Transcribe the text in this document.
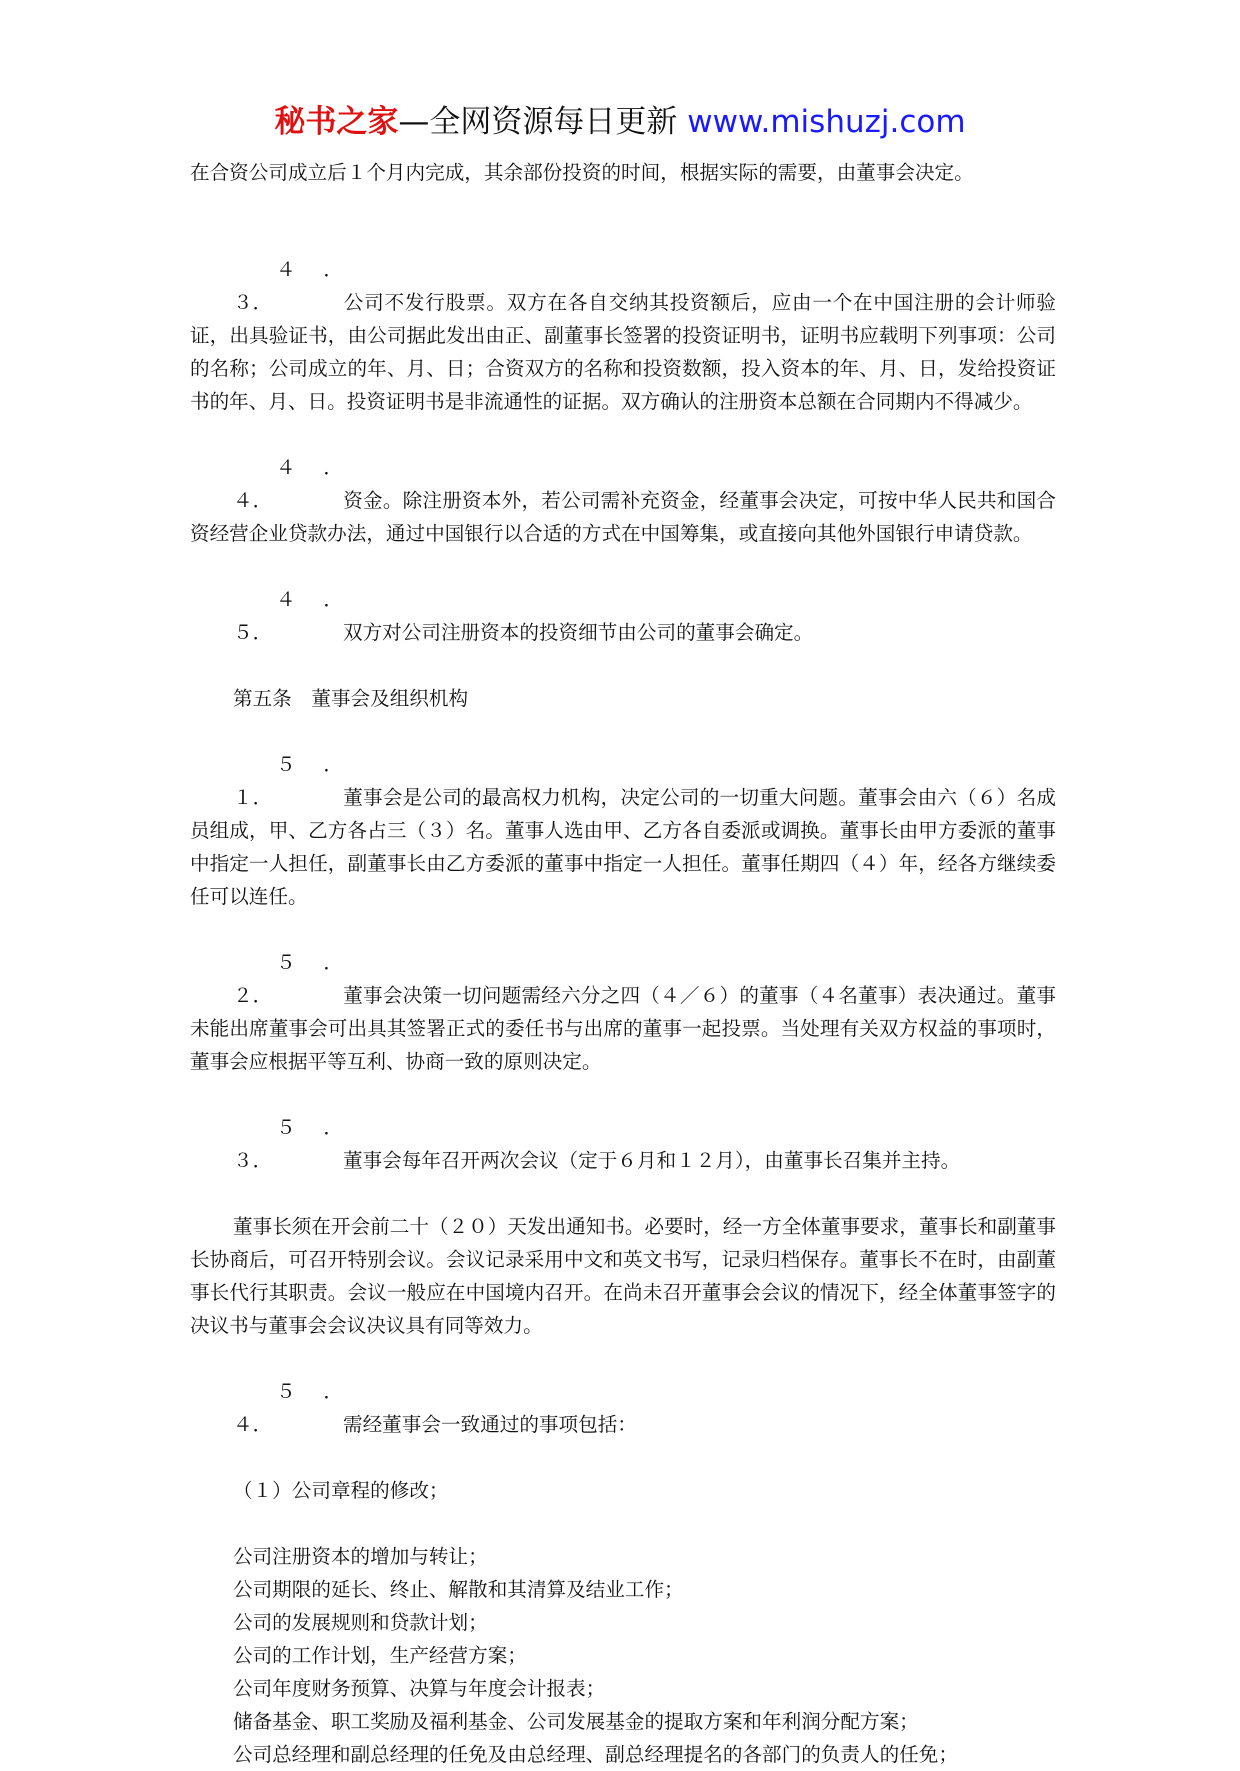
秘书之家—全网资源每日更新 www.mishuzj.com

在合资公司成立后１个月内完成，其余部份投资的时间，根据实际的需要，由董事会决定。

４．３．	公司不发行股票。双方在各自交纳其投资额后，应由一个在中国注册的会计师验证，出具验证书，由公司据此发出由正、副董事长签署的投资证明书，证明书应载明下列事项：公司的名称；公司成立的年、月、日；合资双方的名称和投资数额，投入资本的年、月、日，发给投资证书的年、月、日。投资证明书是非流通性的证据。双方确认的注册资本总额在合同期内不得减少。

４．４．	资金。除注册资本外，若公司需补充资金，经董事会决定，可按中华人民共和国合资经营企业贷款办法，通过中国银行以合适的方式在中国筹集，或直接向其他外国银行申请贷款。

４．５．	双方对公司注册资本的投资细节由公司的董事会确定。

第五条　董事会及组织机构

５．１．	董事会是公司的最高权力机构，决定公司的一切重大问题。董事会由六（６）名成员组成，甲、乙方各占三（３）名。董事人选由甲、乙方各自委派或调换。董事长由甲方委派的董事中指定一人担任，副董事长由乙方委派的董事中指定一人担任。董事任期四（４）年，经各方继续委任可以连任。

５．２．	董事会决策一切问题需经六分之四（４／６）的董事（４名董事）表决通过。董事未能出席董事会可出具其签署正式的委任书与出席的董事一起投票。当处理有关双方权益的事项时，董事会应根据平等互利、协商一致的原则决定。

５．３．	董事会每年召开两次会议（定于６月和１２月），由董事长召集并主持。

董事长须在开会前二十（２０）天发出通知书。必要时，经一方全体董事要求，董事长和副董事长协商后，可召开特别会议。会议记录采用中文和英文书写，记录归档保存。董事长不在时，由副董事长代行其职责。会议一般应在中国境内召开。在尚未召开董事会会议的情况下，经全体董事签字的决议书与董事会会议决议具有同等效力。

５．４．	需经董事会一致通过的事项包括：

（１）公司章程的修改；

公司注册资本的增加与转让；

公司期限的延长、终止、解散和其清算及结业工作；

公司的发展规则和贷款计划；

公司的工作计划，生产经营方案；

公司年度财务预算、决算与年度会计报表；

储备基金、职工奖励及福利基金、公司发展基金的提取方案和年利润分配方案；

公司总经理和副总经理的任免及由总经理、副总经理提名的各部门的负责人的任免；
